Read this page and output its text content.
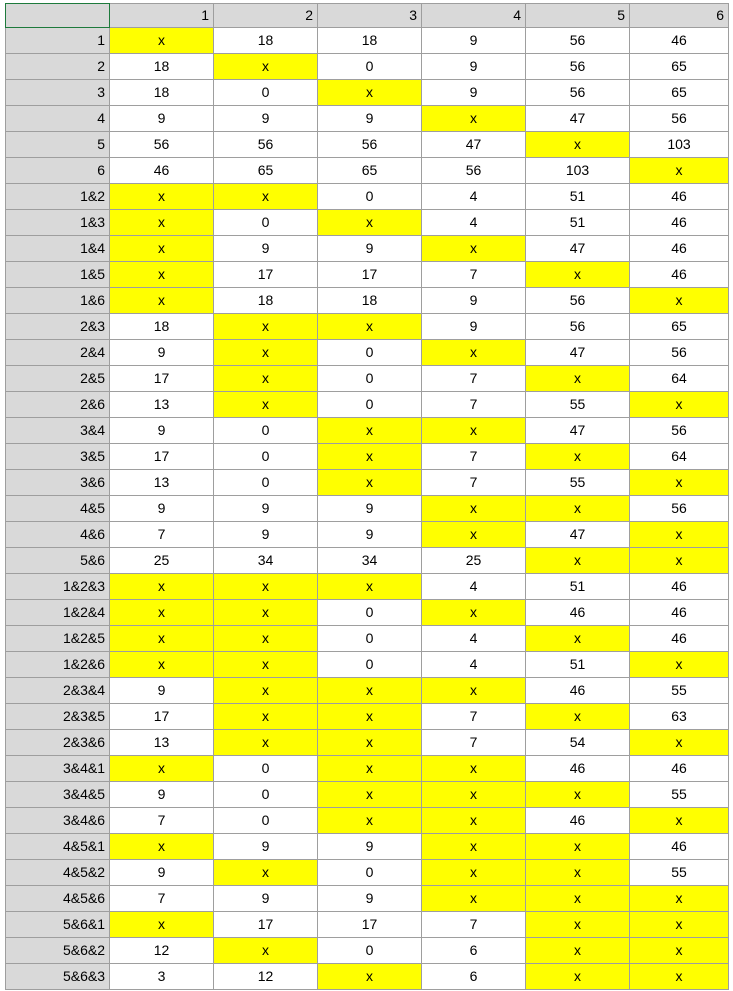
	1	2	3	4	5	6
1	x	18	18	9	56	46
2	18	x	0	9	56	65
3	18	0	x	9	56	65
4	9	9	9	x	47	56
5	56	56	56	47	x	103
6	46	65	65	56	103	x
1&2	x	x	0	4	51	46
1&3	x	0	x	4	51	46
1&4	x	9	9	x	47	46
1&5	x	17	17	7	x	46
1&6	x	18	18	9	56	x
2&3	18	x	x	9	56	65
2&4	9	x	0	x	47	56
2&5	17	x	0	7	x	64
2&6	13	x	0	7	55	x
3&4	9	0	x	x	47	56
3&5	17	0	x	7	x	64
3&6	13	0	x	7	55	x
4&5	9	9	9	x	x	56
4&6	7	9	9	x	47	x
5&6	25	34	34	25	x	x
1&2&3	x	x	x	4	51	46
1&2&4	x	x	0	x	46	46
1&2&5	x	x	0	4	x	46
1&2&6	x	x	0	4	51	x
2&3&4	9	x	x	x	46	55
2&3&5	17	x	x	7	x	63
2&3&6	13	x	x	7	54	x
3&4&1	x	0	x	x	46	46
3&4&5	9	0	x	x	x	55
3&4&6	7	0	x	x	46	x
4&5&1	x	9	9	x	x	46
4&5&2	9	x	0	x	x	55
4&5&6	7	9	9	x	x	x
5&6&1	x	17	17	7	x	x
5&6&2	12	x	0	6	x	x
5&6&3	3	12	x	6	x	x
